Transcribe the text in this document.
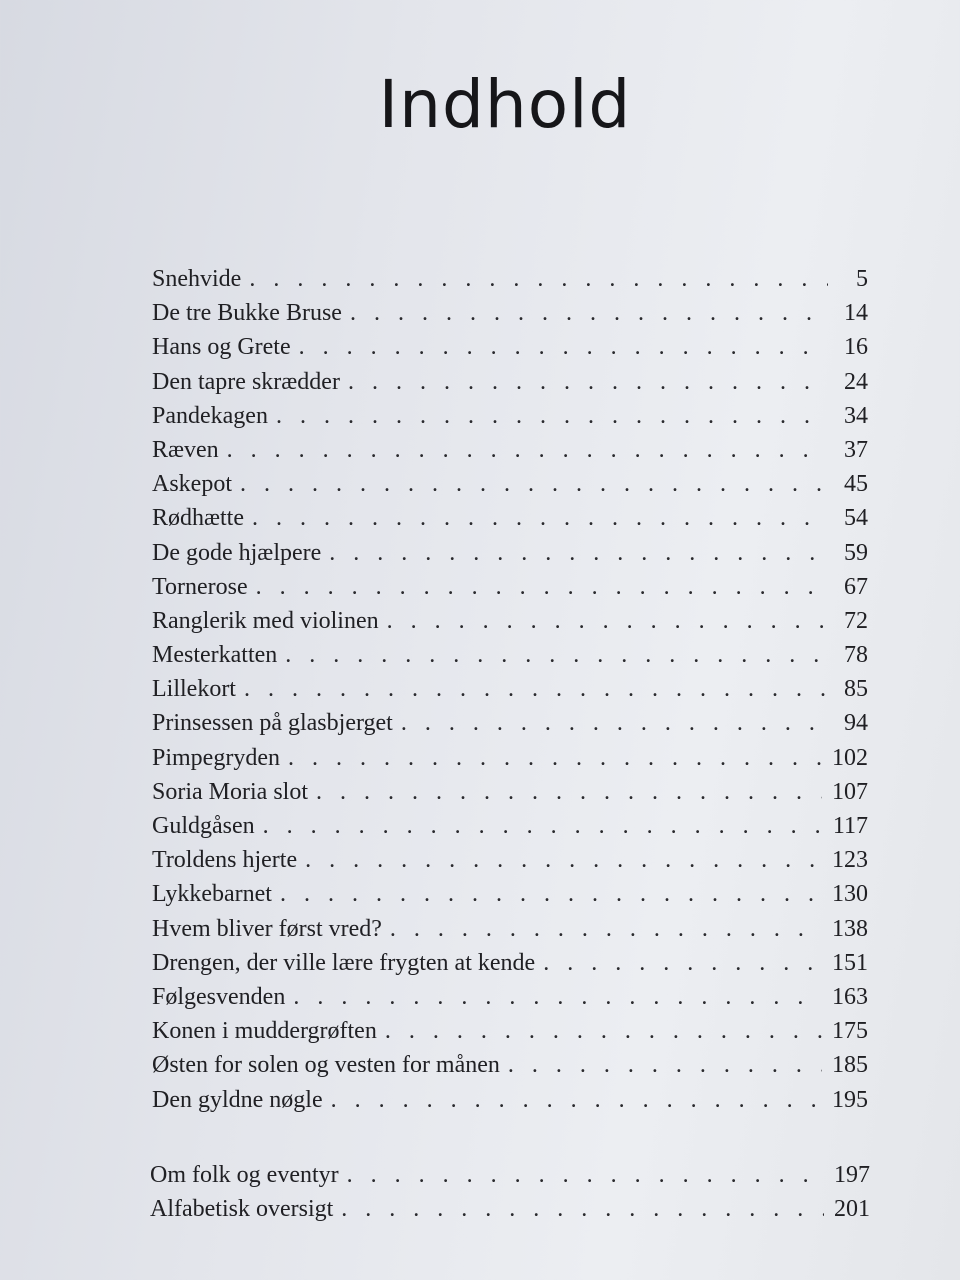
Indhold
Snehvide . . .	5
De tre Bukke Bruse . . .	14
Hans og Grete . . .	16
Den tapre skrædder . . .	24
Pandekagen . . .	34
Ræven . . .	37
Askepot . . .	45
Rødhætte . . .	54
De gode hjælpere . . .	59
Tornerose . . .	67
Ranglerik med violinen . . .	72
Mesterkatten . . .	78
Lillekort . . .	85
Prinsessen på glasbjerget . . .	94
Pimpegryden . . .	102
Soria Moria slot . . .	107
Guldgåsen . . .	117
Troldens hjerte . . .	123
Lykkebarnet . . .	130
Hvem bliver først vred? . . .	138
Drengen, der ville lære frygten at kende . . .	151
Følgesvenden . . .	163
Konen i muddergrøften . . .	175
Østen for solen og vesten for månen . . .	185
Den gyldne nøgle . . .	195
Om folk og eventyr . . .	197
Alfabetisk oversigt . . .	201
